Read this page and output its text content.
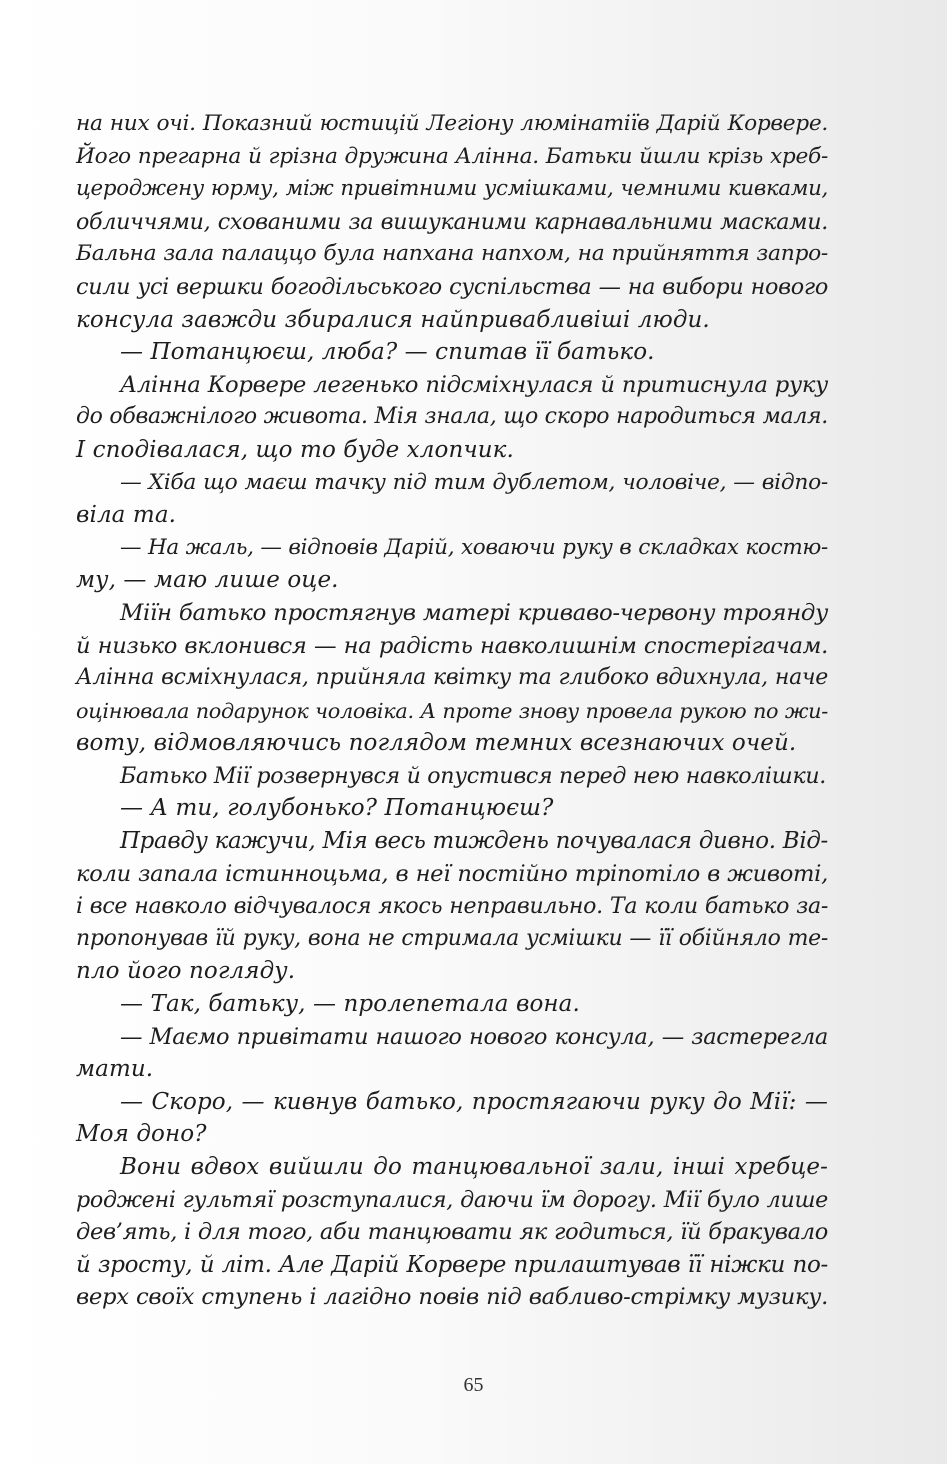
на них очі. Показний юстицій Легіону люмінатіїв Дарій Корвере.
Його прегарна й грізна дружина Алінна. Батьки йшли крізь хреб-
цероджену юрму, між привітними усмішками, чемними кивками,
обличчями, схованими за вишуканими карнавальними масками.
Бальна зала палаццо була напхана напхом, на прийняття запро-
сили усі вершки богодільського суспільства — на вибори нового
консула завжди збиралися найпривабливіші люди.
— Потанцюєш, люба? — спитав її батько.
Алінна Корвере легенько підсміхнулася й притиснула руку
до обважнілого живота. Мія знала, що скоро народиться маля.
І сподівалася, що то буде хлопчик.
— Хіба що маєш тачку під тим дублетом, чоловіче, — відпо-
віла та.
— На жаль, — відповів Дарій, ховаючи руку в складках костю-
му, — маю лише оце.
Міїн батько простягнув матері криваво-червону троянду
й низько вклонився — на радість навколишнім спостерігачам.
Алінна всміхнулася, прийняла квітку та глибоко вдихнула, наче
оцінювала подарунок чоловіка. А проте знову провела рукою по жи-
воту, відмовляючись поглядом темних всезнаючих очей.
Батько Мії розвернувся й опустився перед нею навколішки.
— А ти, голубонько? Потанцюєш?
Правду кажучи, Мія весь тиждень почувалася дивно. Від-
коли запала істинноцьма, в неї постійно тріпотіло в животі,
і все навколо відчувалося якось неправильно. Та коли батько за-
пропонував їй руку, вона не стримала усмішки — її обійняло те-
пло його погляду.
— Так, батьку, — пролепетала вона.
— Маємо привітати нашого нового консула, — застерегла
мати.
— Скоро, — кивнув батько, простягаючи руку до Мії: —
Моя доно?
Вони вдвох вийшли до танцювальної зали, інші хребце-
роджені гультяї розступалися, даючи їм дорогу. Мії було лише
дев’ять, і для того, аби танцювати як годиться, їй бракувало
й зросту, й літ. Але Дарій Корвере прилаштував її ніжки по-
верх своїх ступень і лагідно повів під вабливо-стрімку музику.
65
